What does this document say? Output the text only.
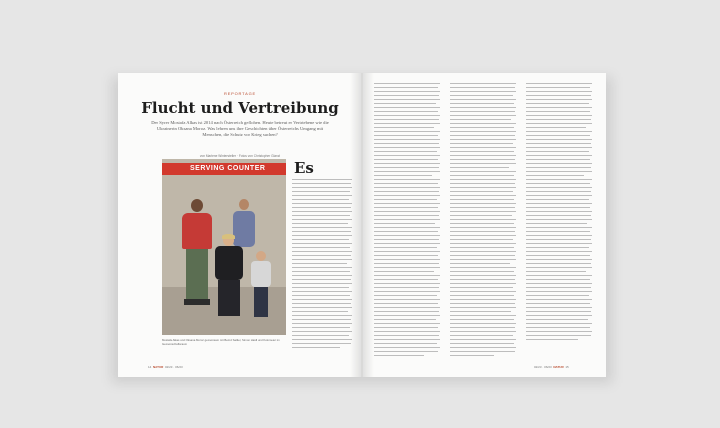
REPORTAGE
Flucht und Vertreibung
Der Syrer Mostafa Alkas ist 2014 nach Österreich geflohen. Heute betreut er Vertriebene wie die Ukrainerin Oksana Moroz. Was lehren uns ihre Geschichten über Österreichs Umgang mit Menschen, die Schutz vor Krieg suchen?
von Marlene Wintersteller · Fotos von Christopher Glanzl
SERVING COUNTER
Mostafa Alkas und Oksana Moroz gemeinsam mit Bernd Sattler, Simon Haidl und Kolomeier im Gemeinschaftsraum
Es
14 NATUR 02/23 · 06/23	02/23 · 06/23 NATUR 15
